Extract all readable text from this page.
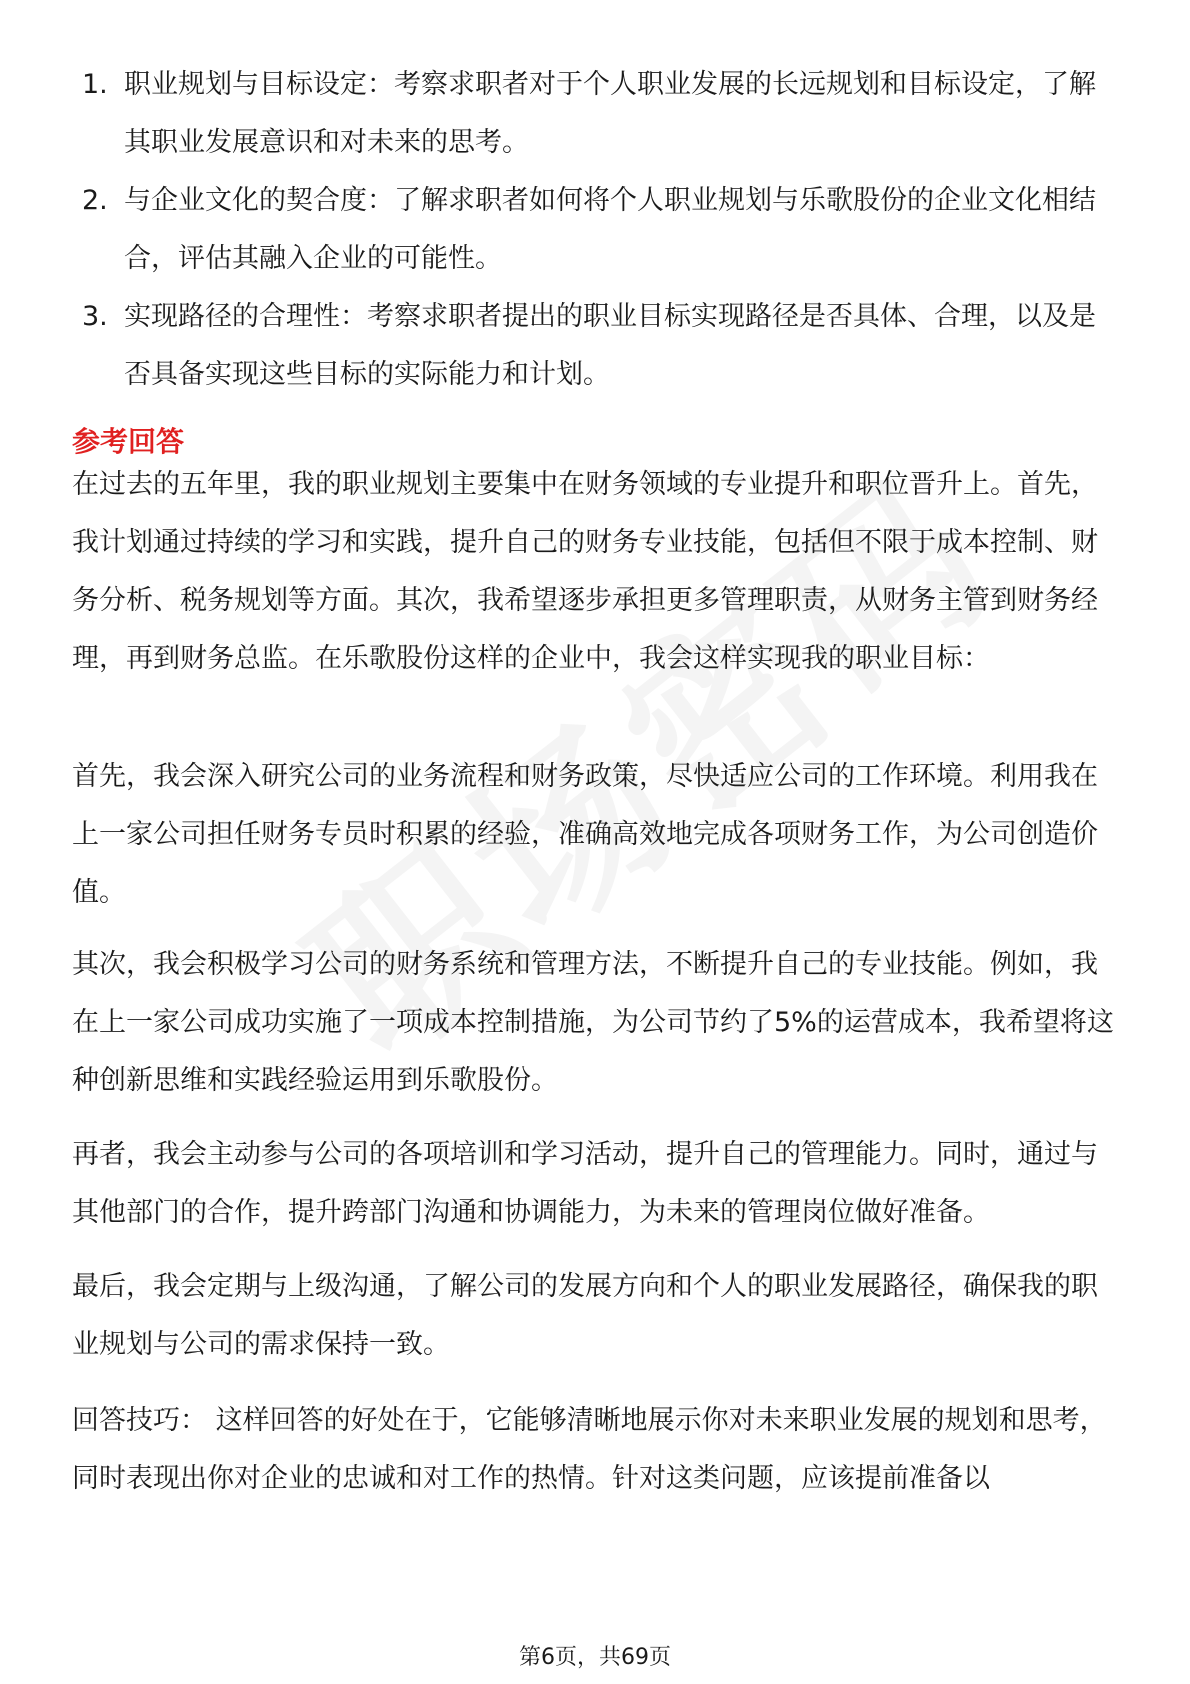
1. 职业规划与目标设定：考察求职者对于个人职业发展的长远规划和目标设定，了解其职业发展意识和对未来的思考。
2. 与企业文化的契合度：了解求职者如何将个人职业规划与乐歌股份的企业文化相结合，评估其融入企业的可能性。
3. 实现路径的合理性：考察求职者提出的职业目标实现路径是否具体、合理，以及是否具备实现这些目标的实际能力和计划。
参考回答

在过去的五年里，我的职业规划主要集中在财务领域的专业提升和职位晋升上。首先，我计划通过持续的学习和实践，提升自己的财务专业技能，包括但不限于成本控制、财务分析、税务规划等方面。其次，我希望逐步承担更多管理职责，从财务主管到财务经理，再到财务总监。在乐歌股份这样的企业中，我会这样实现我的职业目标：

首先，我会深入研究公司的业务流程和财务政策，尽快适应公司的工作环境。利用我在上一家公司担任财务专员时积累的经验，准确高效地完成各项财务工作，为公司创造价值。

其次，我会积极学习公司的财务系统和管理方法，不断提升自己的专业技能。例如，我在上一家公司成功实施了一项成本控制措施，为公司节约了5%的运营成本，我希望将这种创新思维和实践经验运用到乐歌股份。

再者，我会主动参与公司的各项培训和学习活动，提升自己的管理能力。同时，通过与其他部门的合作，提升跨部门沟通和协调能力，为未来的管理岗位做好准备。

最后，我会定期与上级沟通，了解公司的发展方向和个人的职业发展路径，确保我的职业规划与公司的需求保持一致。

回答技巧： 这样回答的好处在于，它能够清晰地展示你对未来职业发展的规划和思考，同时表现出你对企业的忠诚和对工作的热情。针对这类问题，应该提前准备以

第6页，共69页
